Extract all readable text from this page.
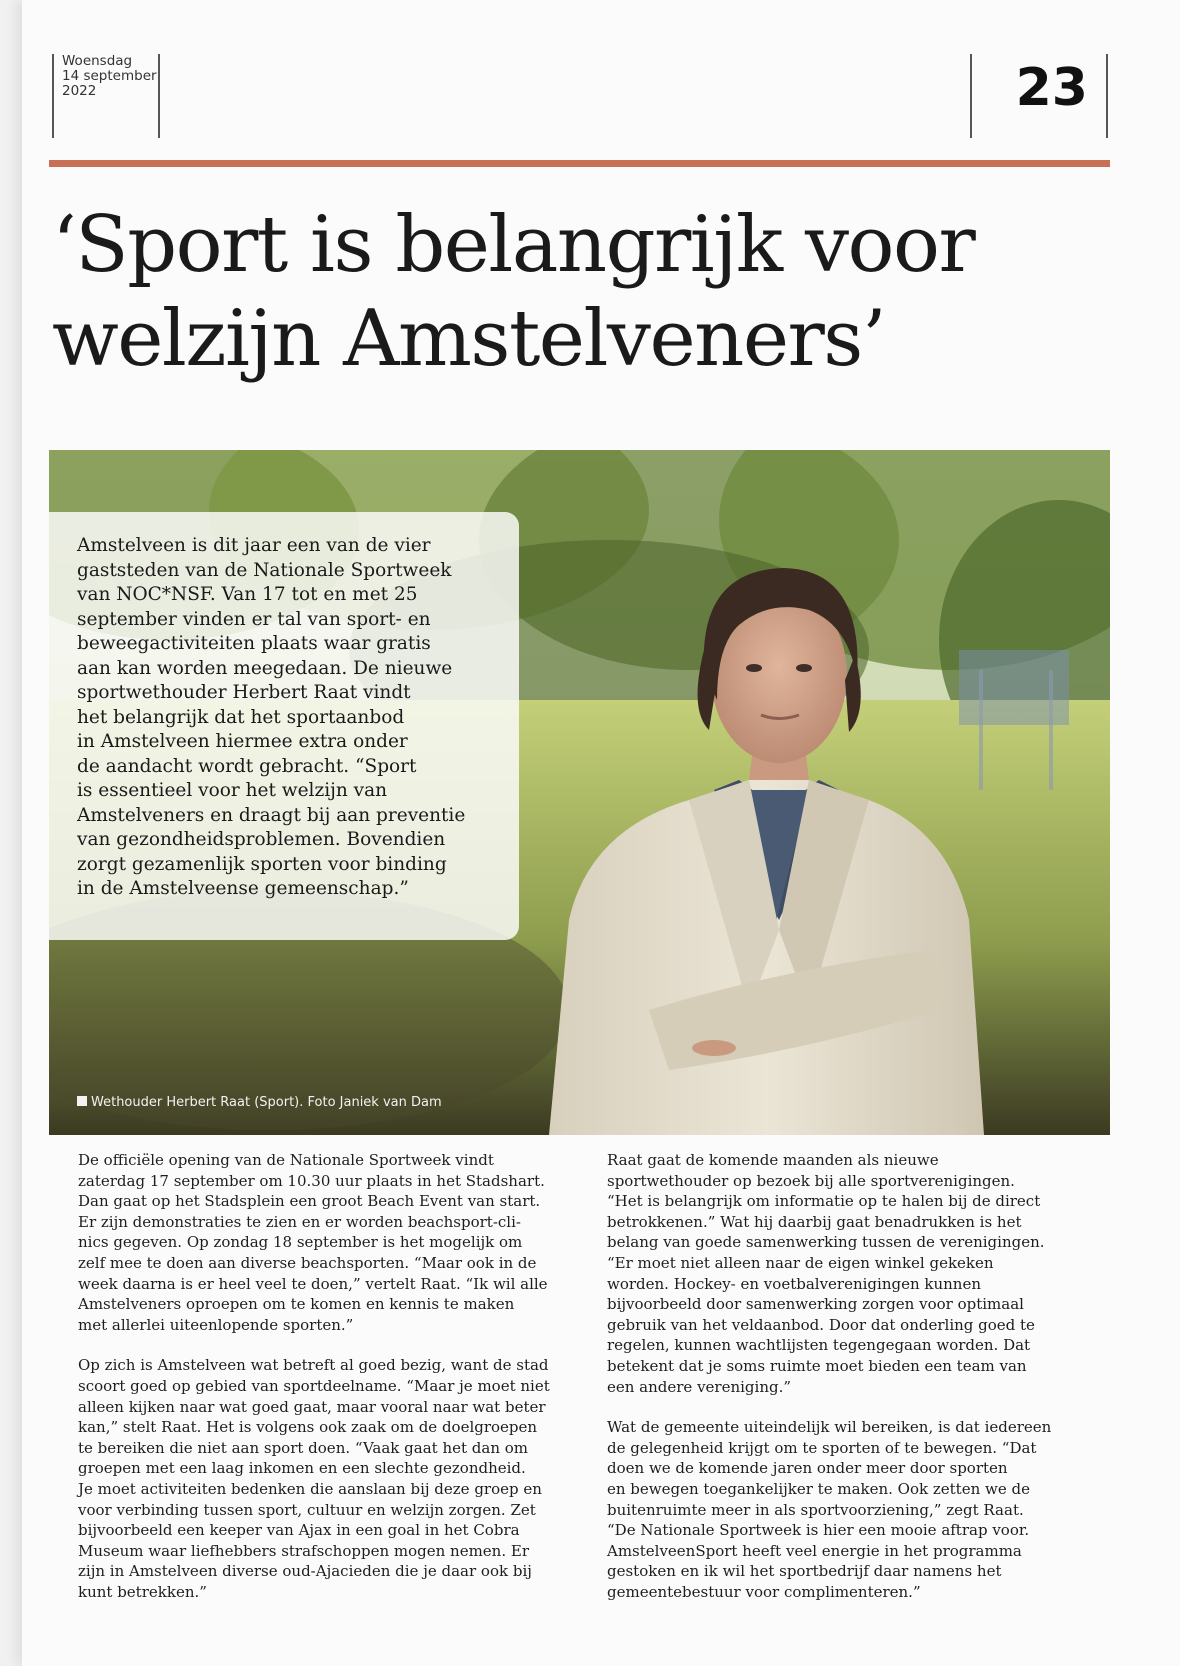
Woensdag
14 september
2022	23
‘Sport is belangrijk voor
welzijn Amstelveners’
Amstelveen is dit jaar een van de vier
gaststeden van de Nationale Sportweek
van NOC*NSF. Van 17 tot en met 25
september vinden er tal van sport- en
beweegactiviteiten plaats waar gratis
aan kan worden meegedaan. De nieuwe
sportwethouder Herbert Raat vindt
het belangrijk dat het sportaanbod
in Amstelveen hiermee extra onder
de aandacht wordt gebracht. “Sport
is essentieel voor het welzijn van
Amstelveners en draagt bij aan preventie
van gezondheidsproblemen. Bovendien
zorgt gezamenlijk sporten voor binding
in de Amstelveense gemeenschap.”
Wethouder Herbert Raat (Sport). Foto Janiek van Dam

De officiële opening van de Nationale Sportweek vindt
zaterdag 17 september om 10.30 uur plaats in het Stadshart.
Dan gaat op het Stadsplein een groot Beach Event van start.
Er zijn demonstraties te zien en er worden beachsport-cli-
nics gegeven. Op zondag 18 september is het mogelijk om
zelf mee te doen aan diverse beachsporten. “Maar ook in de
week daarna is er heel veel te doen,” vertelt Raat. “Ik wil alle
Amstelveners oproepen om te komen en kennis te maken
met allerlei uiteenlopende sporten.”

Op zich is Amstelveen wat betreft al goed bezig, want de stad
scoort goed op gebied van sportdeelname. “Maar je moet niet
alleen kijken naar wat goed gaat, maar vooral naar wat beter
kan,” stelt Raat. Het is volgens ook zaak om de doelgroepen
te bereiken die niet aan sport doen. “Vaak gaat het dan om
groepen met een laag inkomen en een slechte gezondheid.
Je moet activiteiten bedenken die aanslaan bij deze groep en
voor verbinding tussen sport, cultuur en welzijn zorgen. Zet
bijvoorbeeld een keeper van Ajax in een goal in het Cobra
Museum waar liefhebbers strafschoppen mogen nemen. Er
zijn in Amstelveen diverse oud-Ajacieden die je daar ook bij
kunt betrekken.”

Raat gaat de komende maanden als nieuwe
sportwethouder op bezoek bij alle sportverenigingen.
“Het is belangrijk om informatie op te halen bij de direct
betrokkenen.” Wat hij daarbij gaat benadrukken is het
belang van goede samenwerking tussen de verenigingen.
“Er moet niet alleen naar de eigen winkel gekeken
worden. Hockey- en voetbalverenigingen kunnen
bijvoorbeeld door samenwerking zorgen voor optimaal
gebruik van het veldaanbod. Door dat onderling goed te
regelen, kunnen wachtlijsten tegengegaan worden. Dat
betekent dat je soms ruimte moet bieden een team van
een andere vereniging.”

Wat de gemeente uiteindelijk wil bereiken, is dat iedereen
de gelegenheid krijgt om te sporten of te bewegen. “Dat
doen we de komende jaren onder meer door sporten
en bewegen toegankelijker te maken. Ook zetten we de
buitenruimte meer in als sportvoorziening,” zegt Raat.
“De Nationale Sportweek is hier een mooie aftrap voor.
AmstelveenSport heeft veel energie in het programma
gestoken en ik wil het sportbedrijf daar namens het
gemeentebestuur voor complimenteren.”
